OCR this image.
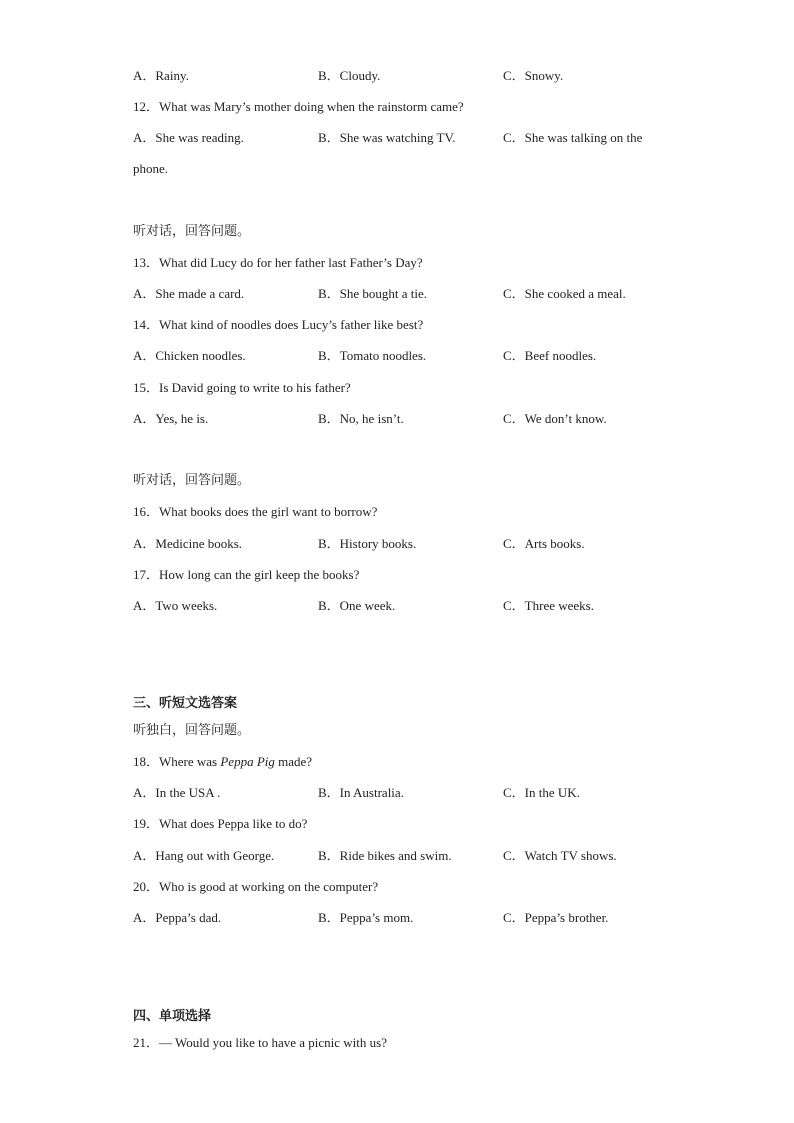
A．Rainy.	B．Cloudy.	C．Snowy.
12．What was Mary’s mother doing when the rainstorm came?
A．She was reading.	B．She was watching TV.	C．She was talking on the
phone.
听对话，回答问题。
13．What did Lucy do for her father last Father’s Day?
A．She made a card.	B．She bought a tie.	C．She cooked a meal.
14．What kind of noodles does Lucy’s father like best?
A．Chicken noodles.	B．Tomato noodles.	C．Beef noodles.
15．Is David going to write to his father?
A．Yes, he is.	B．No, he isn’t.	C．We don’t know.
听对话，回答问题。
16．What books does the girl want to borrow?
A．Medicine books.	B．History books.	C．Arts books.
17．How long can the girl keep the books?
A．Two weeks.	B．One week.	C．Three weeks.
三、听短文选答案
听独白，回答问题。
18．Where was Peppa Pig made?
A．In the USA .	B．In Australia.	C．In the UK.
19．What does Peppa like to do?
A．Hang out with George.	B．Ride bikes and swim.	C．Watch TV shows.
20．Who is good at working on the computer?
A．Peppa’s dad.	B．Peppa’s mom.	C．Peppa’s brother.
四、单项选择
21．— Would you like to have a picnic with us?
